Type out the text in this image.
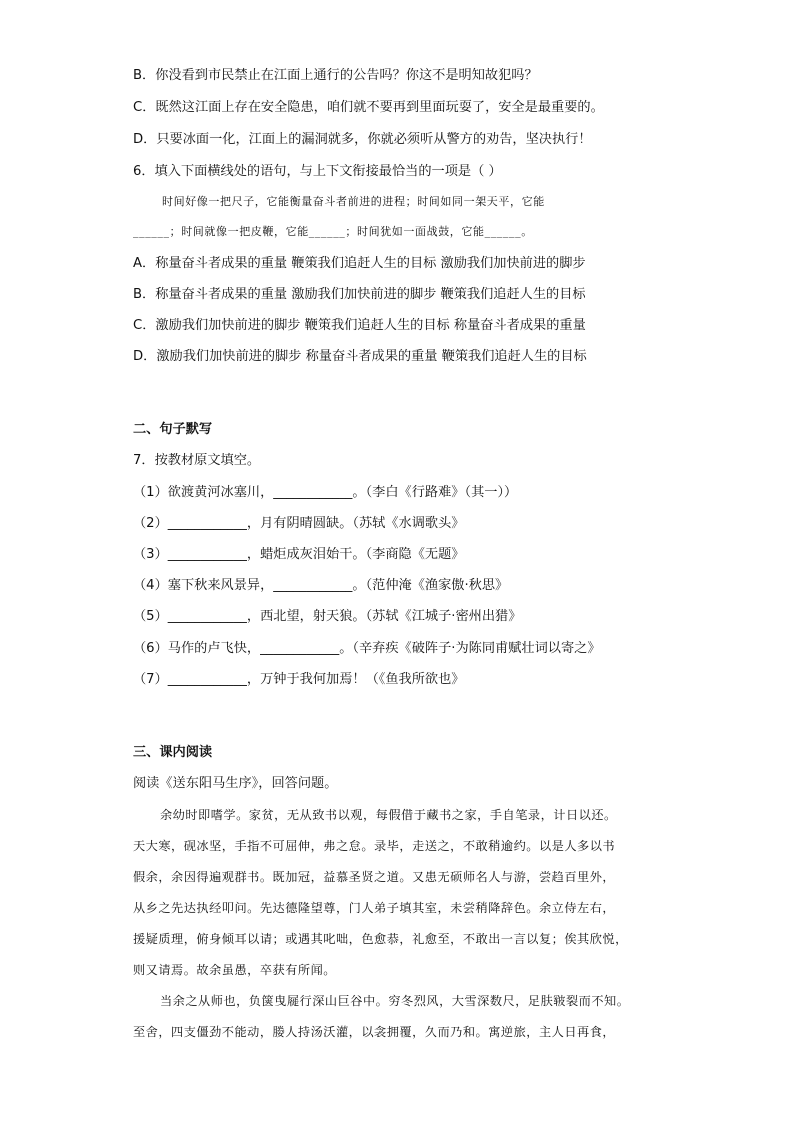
B．你没看到市民禁止在江面上通行的公告吗？你这不是明知故犯吗？
C．既然这江面上存在安全隐患，咱们就不要再到里面玩耍了，安全是最重要的。
D．只要冰面一化，江面上的漏洞就多，你就必须听从警方的劝告，坚决执行！
6．填入下面横线处的语句，与上下文衔接最恰当的一项是（ ）
时间好像一把尺子，它能衡量奋斗者前进的进程；时间如同一架天平，它能
______；时间就像一把皮鞭，它能______；时间犹如一面战鼓，它能______。
A．称量奋斗者成果的重量 鞭策我们追赶人生的目标 激励我们加快前进的脚步
B．称量奋斗者成果的重量 激励我们加快前进的脚步 鞭策我们追赶人生的目标
C．激励我们加快前进的脚步 鞭策我们追赶人生的目标 称量奋斗者成果的重量
D．激励我们加快前进的脚步 称量奋斗者成果的重量 鞭策我们追赶人生的目标
二、句子默写
7．按教材原文填空。
（1）欲渡黄河冰塞川，____________。（李白《行路难》（其一））
（2）____________，月有阴晴圆缺。（苏轼《水调歌头》
（3）____________，蜡炬成灰泪始干。（李商隐《无题》
（4）塞下秋来风景异，____________。（范仲淹《渔家傲·秋思》
（5）____________，西北望，射天狼。（苏轼《江城子·密州出猎》
（6）马作的卢飞快，____________。（辛弃疾《破阵子·为陈同甫赋壮词以寄之》
（7）____________，万钟于我何加焉！（《鱼我所欲也》
三、课内阅读
阅读《送东阳马生序》，回答问题。
余幼时即嗜学。家贫，无从致书以观，每假借于藏书之家，手自笔录，计日以还。
天大寒，砚冰坚，手指不可屈伸，弗之怠。录毕，走送之，不敢稍逾约。以是人多以书
假余，余因得遍观群书。既加冠，益慕圣贤之道。又患无硕师名人与游，尝趋百里外，
从乡之先达执经叩问。先达德隆望尊，门人弟子填其室，未尝稍降辞色。余立侍左右，
援疑质理，俯身倾耳以请；或遇其叱咄，色愈恭，礼愈至，不敢出一言以复；俟其欣悦，
则又请焉。故余虽愚，卒获有所闻。
当余之从师也，负箧曳屣行深山巨谷中。穷冬烈风，大雪深数尺，足肤皲裂而不知。
至舍，四支僵劲不能动，媵人持汤沃灌，以衾拥覆，久而乃和。寓逆旅，主人日再食，
